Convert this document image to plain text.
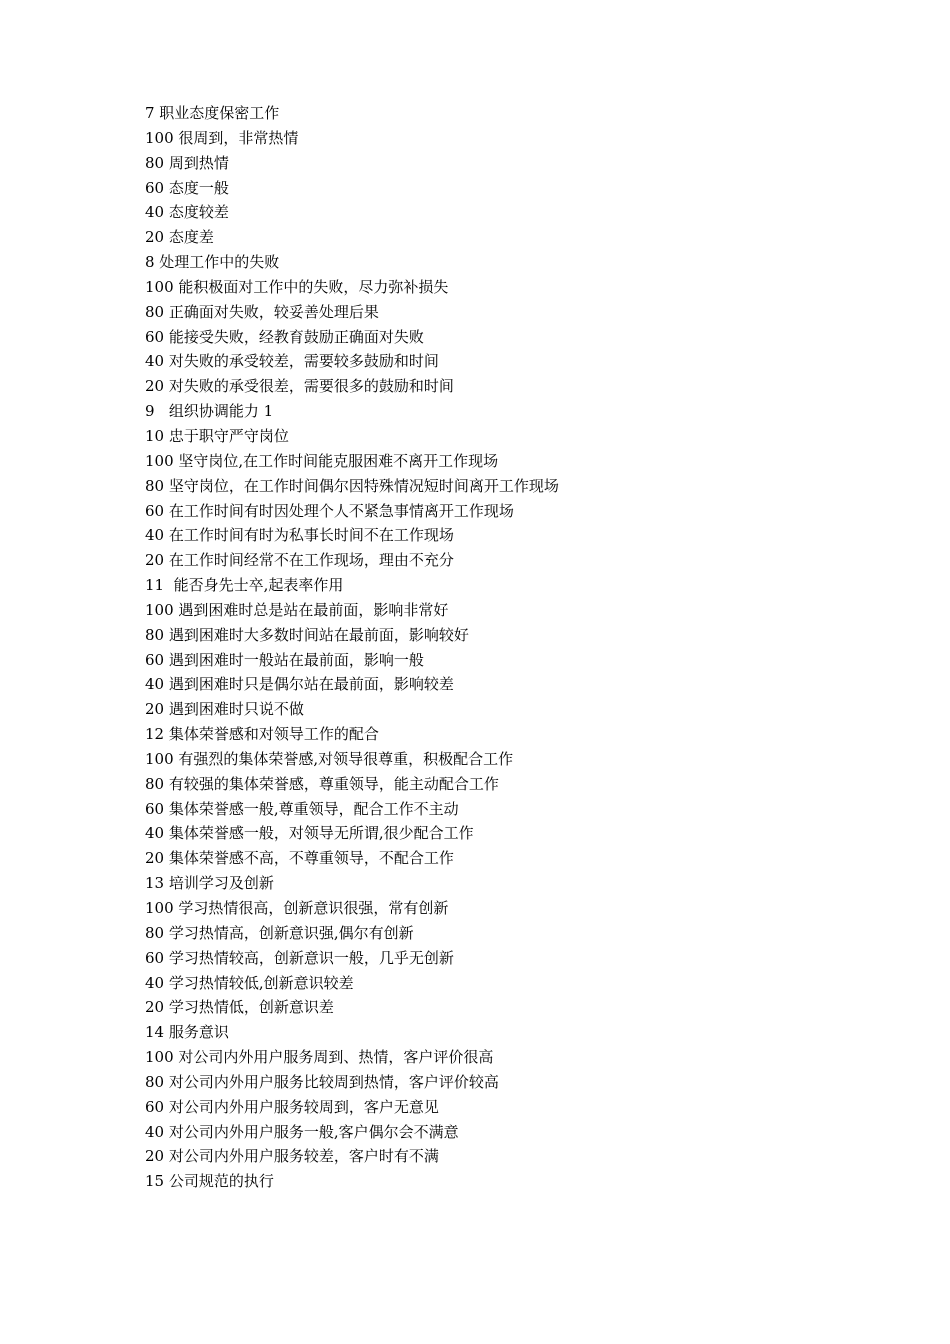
7 职业态度保密工作
100 很周到，非常热情
80 周到热情
60 态度一般
40 态度较差
20 态度差
8 处理工作中的失败
100 能积极面对工作中的失败，尽力弥补损失
80 正确面对失败，较妥善处理后果
60 能接受失败，经教育鼓励正确面对失败
40 对失败的承受较差，需要较多鼓励和时间
20 对失败的承受很差，需要很多的鼓励和时间
9   组织协调能力 1
10 忠于职守严守岗位
100 坚守岗位,在工作时间能克服困难不离开工作现场
80 坚守岗位，在工作时间偶尔因特殊情况短时间离开工作现场
60 在工作时间有时因处理个人不紧急事情离开工作现场
40 在工作时间有时为私事长时间不在工作现场
20 在工作时间经常不在工作现场，理由不充分
11  能否身先士卒,起表率作用
100 遇到困难时总是站在最前面，影响非常好
80 遇到困难时大多数时间站在最前面，影响较好
60 遇到困难时一般站在最前面，影响一般
40 遇到困难时只是偶尔站在最前面，影响较差
20 遇到困难时只说不做
12 集体荣誉感和对领导工作的配合
100 有强烈的集体荣誉感,对领导很尊重，积极配合工作
80 有较强的集体荣誉感，尊重领导，能主动配合工作
60 集体荣誉感一般,尊重领导，配合工作不主动
40 集体荣誉感一般，对领导无所谓,很少配合工作
20 集体荣誉感不高，不尊重领导，不配合工作
13 培训学习及创新
100 学习热情很高，创新意识很强，常有创新
80 学习热情高，创新意识强,偶尔有创新
60 学习热情较高，创新意识一般，几乎无创新
40 学习热情较低,创新意识较差
20 学习热情低，创新意识差
14 服务意识
100 对公司内外用户服务周到、热情，客户评价很高
80 对公司内外用户服务比较周到热情，客户评价较高
60 对公司内外用户服务较周到，客户无意见
40 对公司内外用户服务一般,客户偶尔会不满意
20 对公司内外用户服务较差，客户时有不满
15 公司规范的执行
